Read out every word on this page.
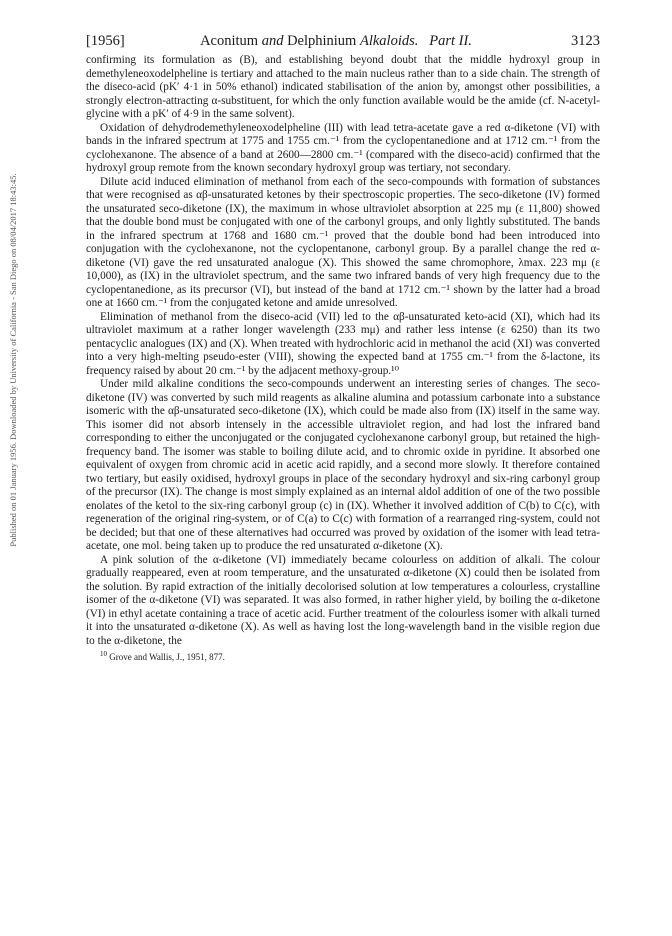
Published on 01 January 1956. Downloaded by University of California - San Diego on 08/04/2017 18:43:45.
[1956]	Aconitum and Delphinium Alkaloids. Part II.	3123

confirming its formulation as (B), and establishing beyond doubt that the middle hydroxyl group in demethyleneoxodelpheline is tertiary and attached to the main nucleus rather than to a side chain. The strength of the diseco-acid (pK′ 4·1 in 50% ethanol) indicated stabilisation of the anion by, amongst other possibilities, a strongly electron-attracting α-substituent, for which the only function available would be the amide (cf. N-acetyl-glycine with a pK′ of 4·9 in the same solvent).

Oxidation of dehydrodemethyleneoxodelpheline (III) with lead tetra-acetate gave a red α-diketone (VI) with bands in the infrared spectrum at 1775 and 1755 cm.⁻¹ from the cyclopentanedione and at 1712 cm.⁻¹ from the cyclohexanone. The absence of a band at 2600—2800 cm.⁻¹ (compared with the diseco-acid) confirmed that the hydroxyl group remote from the known secondary hydroxyl group was tertiary, not secondary.

Dilute acid induced elimination of methanol from each of the seco-compounds with formation of substances that were recognised as αβ-unsaturated ketones by their spectroscopic properties. The seco-diketone (IV) formed the unsaturated seco-diketone (IX), the maximum in whose ultraviolet absorption at 225 mμ (ε 11,800) showed that the double bond must be conjugated with one of the carbonyl groups, and only lightly substituted. The bands in the infrared spectrum at 1768 and 1680 cm.⁻¹ proved that the double bond had been introduced into conjugation with the cyclohexanone, not the cyclopentanone, carbonyl group. By a parallel change the red α-diketone (VI) gave the red unsaturated analogue (X). This showed the same chromophore, λmax. 223 mμ (ε 10,000), as (IX) in the ultraviolet spectrum, and the same two infrared bands of very high frequency due to the cyclopentanedione, as its precursor (VI), but instead of the band at 1712 cm.⁻¹ shown by the latter had a broad one at 1660 cm.⁻¹ from the conjugated ketone and amide unresolved.

Elimination of methanol from the diseco-acid (VII) led to the αβ-unsaturated keto-acid (XI), which had its ultraviolet maximum at a rather longer wavelength (233 mμ) and rather less intense (ε 6250) than its two pentacyclic analogues (IX) and (X). When treated with hydrochloric acid in methanol the acid (XI) was converted into a very high-melting pseudo-ester (VIII), showing the expected band at 1755 cm.⁻¹ from the δ-lactone, its frequency raised by about 20 cm.⁻¹ by the adjacent methoxy-group.¹⁰

Under mild alkaline conditions the seco-compounds underwent an interesting series of changes. The seco-diketone (IV) was converted by such mild reagents as alkaline alumina and potassium carbonate into a substance isomeric with the αβ-unsaturated seco-diketone (IX), which could be made also from (IX) itself in the same way. This isomer did not absorb intensely in the accessible ultraviolet region, and had lost the infrared band corresponding to either the unconjugated or the conjugated cyclohexanone carbonyl group, but retained the high-frequency band. The isomer was stable to boiling dilute acid, and to chromic oxide in pyridine. It absorbed one equivalent of oxygen from chromic acid in acetic acid rapidly, and a second more slowly. It therefore contained two tertiary, but easily oxidised, hydroxyl groups in place of the secondary hydroxyl and six-ring carbonyl group of the precursor (IX). The change is most simply explained as an internal aldol addition of one of the two possible enolates of the ketol to the six-ring carbonyl group (c) in (IX). Whether it involved addition of C(b) to C(c), with regeneration of the original ring-system, or of C(a) to C(c) with formation of a rearranged ring-system, could not be decided; but that one of these alternatives had occurred was proved by oxidation of the isomer with lead tetra-acetate, one mol. being taken up to produce the red unsaturated α-diketone (X).

A pink solution of the α-diketone (VI) immediately became colourless on addition of alkali. The colour gradually reappeared, even at room temperature, and the unsaturated α-diketone (X) could then be isolated from the solution. By rapid extraction of the initially decolorised solution at low temperatures a colourless, crystalline isomer of the α-diketone (VI) was separated. It was also formed, in rather higher yield, by boiling the α-diketone (VI) in ethyl acetate containing a trace of acetic acid. Further treatment of the colourless isomer with alkali turned it into the unsaturated α-diketone (X). As well as having lost the long-wavelength band in the visible region due to the α-diketone, the

$^{10}$ Grove and Wallis, J., 1951, 877.
